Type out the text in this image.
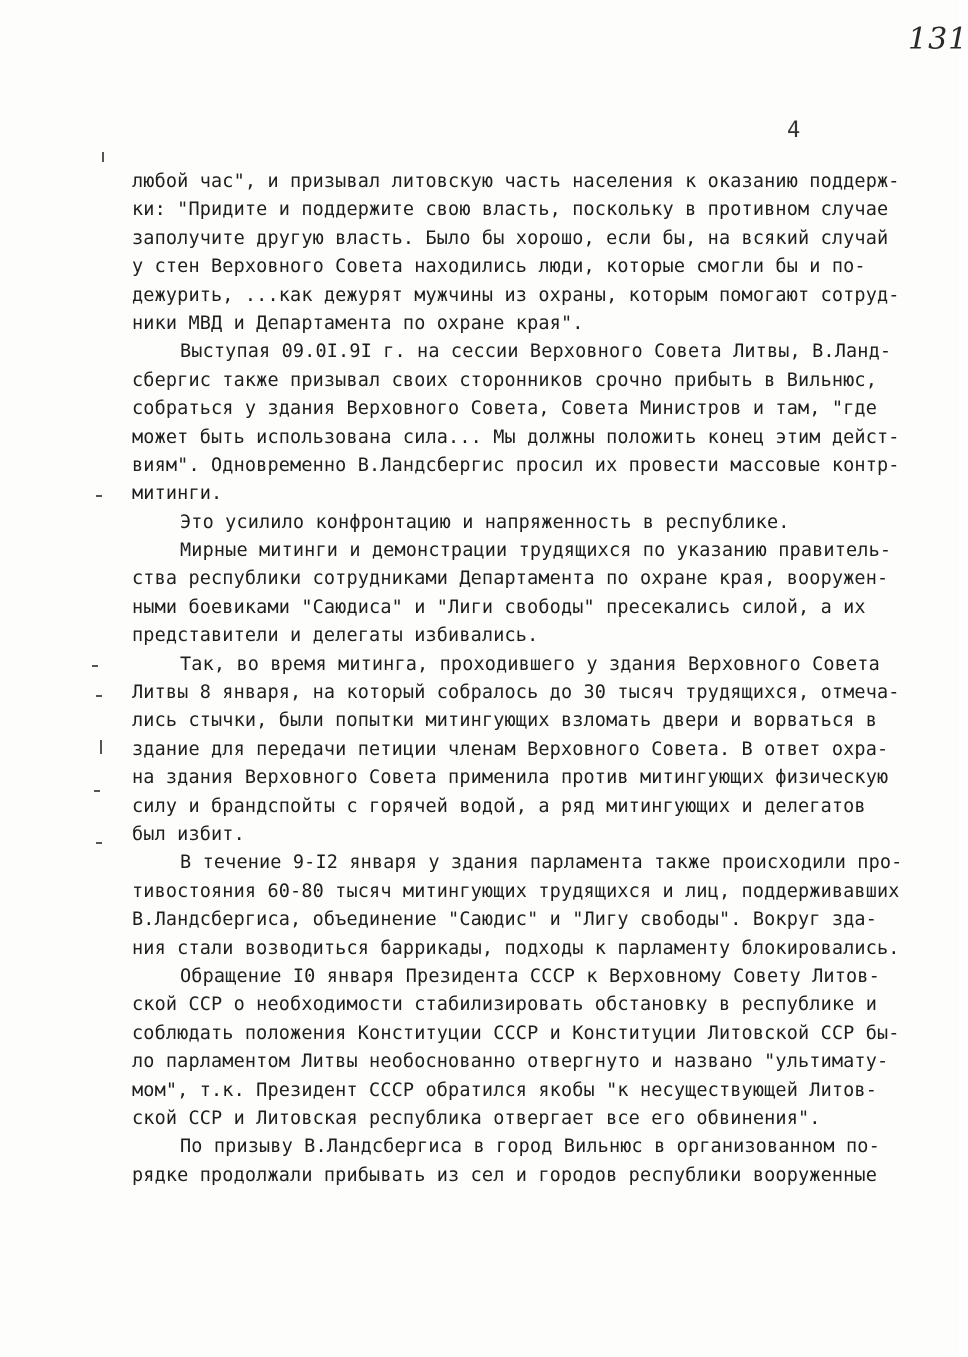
131
4
любой час", и призывал литовскую часть населения к оказанию поддерж-
ки: "Придите и поддержите свою власть, поскольку в противном случае
заполучите другую власть. Было бы хорошо, если бы, на всякий случай
у стен Верховного Совета находились люди, которые смогли бы и по-
дежурить, ...как дежурят мужчины из охраны, которым помогают сотруд-
ники МВД и Департамента по охране края".
Выступая 09.0I.9I г. на сессии Верховного Совета Литвы, В.Ланд-
сбергис также призывал своих сторонников срочно прибыть в Вильнюс,
собраться у здания Верховного Совета, Совета Министров и там, "где
может быть использована сила... Мы должны положить конец этим дейст-
виям". Одновременно В.Ландсбергис просил их провести массовые контр-
митинги.
Это усилило конфронтацию и напряженность в республике.
Мирные митинги и демонстрации трудящихся по указанию правитель-
ства республики сотрудниками Департамента по охране края, вооружен-
ными боевиками "Саюдиса" и "Лиги свободы" пресекались силой, а их
представители и делегаты избивались.
Так, во время митинга, проходившего у здания Верховного Совета
Литвы 8 января, на который собралось до 30 тысяч трудящихся, отмеча-
лись стычки, были попытки митингующих взломать двери и ворваться в
здание для передачи петиции членам Верховного Совета. В ответ охра-
на здания Верховного Совета применила против митингующих физическую
силу и брандспойты с горячей водой, а ряд митингующих и делегатов
был избит.
В течение 9-I2 января у здания парламента также происходили про-
тивостояния 60-80 тысяч митингующих трудящихся и лиц, поддерживавших
В.Ландсбергиса, объединение "Саюдис" и "Лигу свободы". Вокруг зда-
ния стали возводиться баррикады, подходы к парламенту блокировались.
Обращение I0 января Президента СССР к Верховному Совету Литов-
ской ССР о необходимости стабилизировать обстановку в республике и
соблюдать положения Конституции СССР и Конституции Литовской ССР бы-
ло парламентом Литвы необоснованно отвергнуто и названо "ультимату-
мом", т.к. Президент СССР обратился якобы "к несуществующей Литов-
ской ССР и Литовская республика отвергает все его обвинения".
По призыву В.Ландсбергиса в город Вильнюс в организованном по-
рядке продолжали прибывать из сел и городов республики вооруженные
